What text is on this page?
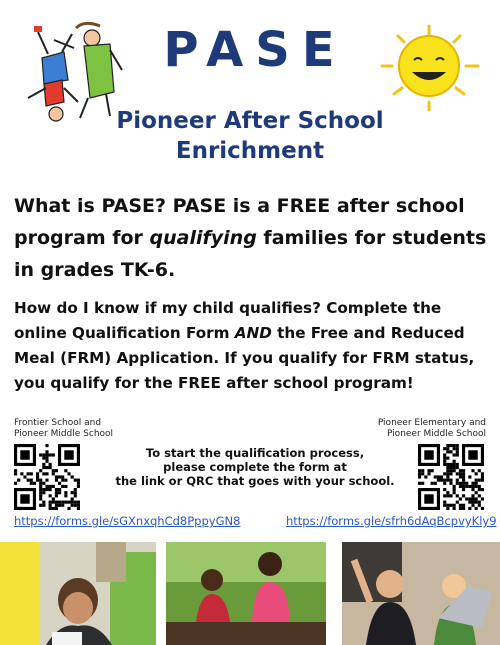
PASE
Pioneer After School
Enrichment
What is PASE? PASE is a FREE after school program for qualifying families for students in grades TK-6.
How do I know if my child qualifies? Complete the online Qualification Form AND the Free and Reduced Meal (FRM) Application. If you qualify for FRM status, you qualify for the FREE after school program!
Frontier School and
Pioneer Middle School
Pioneer Elementary and
Pioneer Middle School
To start the qualification process,
please complete the form at
the link or QRC that goes with your school.
https://forms.gle/sGXnxqhCd8PppyGN8	https://forms.gle/sfrh6dAqBcpvyKly9
